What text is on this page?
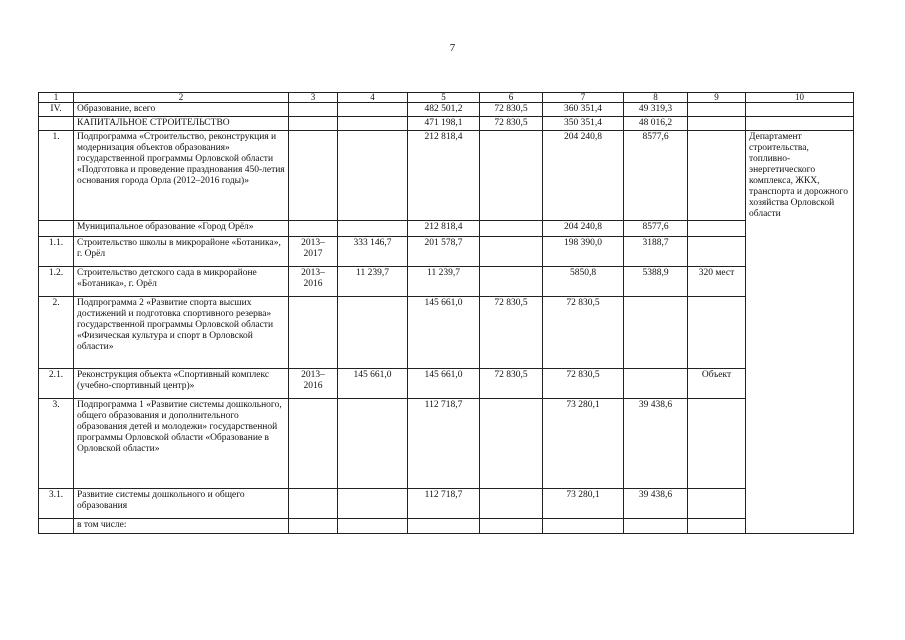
7
1	2	3	4	5	6	7	8	9	10
IV.	Образование, всего			482 501,2	72 830,5	360 351,4	49 319,3		
	КАПИТАЛЬНОЕ СТРОИТЕЛЬСТВО			471 198,1	72 830,5	350 351,4	48 016,2		
1.	Подпрограмма «Строительство, реконструкция и модернизация объектов образования» государственной программы Орловской области «Подготовка и проведение празднования 450-летия основания города Орла (2012–2016 годы)»			212 818,4		204 240,8	8577,6		Департамент строительства, топливно-энергетического комплекса, ЖКХ, транспорта и дорожного хозяйства Орловской области
	Муниципальное образование «Город Орёл»			212 818,4		204 240,8	8577,6		
1.1.	Строительство школы в микрорайоне «Ботаника», г. Орёл	2013–2017	333 146,7	201 578,7		198 390,0	3188,7		
1.2.	Строительство детского сада в микрорайоне «Ботаника», г. Орёл	2013–2016	11 239,7	11 239,7		5850,8	5388,9	320 мест	
2.	Подпрограмма 2 «Развитие спорта высших достижений и подготовка спортивного резерва» государственной программы Орловской области «Физическая культура и спорт в Орловской области»			145 661,0	72 830,5	72 830,5			
2.1.	Реконструкция объекта «Спортивный комплекс (учебно-спортивный центр)»	2013–2016	145 661,0	145 661,0	72 830,5	72 830,5		Объект	
3.	Подпрограмма 1 «Развитие системы дошкольного, общего образования и дополнительного образования детей и молодежи» государственной программы Орловской области «Образование в Орловской области»			112 718,7		73 280,1	39 438,6		
3.1.	Развитие системы дошкольного и общего образования			112 718,7		73 280,1	39 438,6		
	в том числе:								
